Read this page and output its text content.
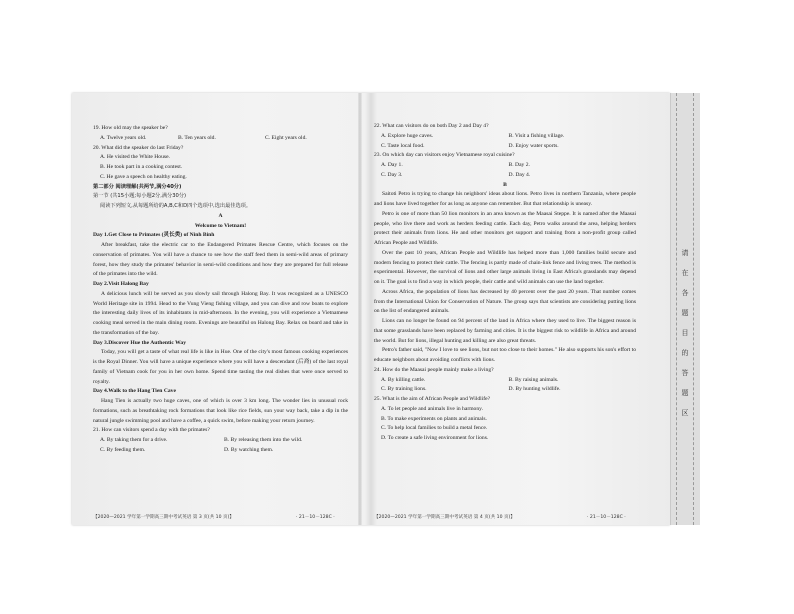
请
在
各
题
目
的
答
题
区
19. How old may the speaker be?
A. Twelve years old.	B. Ten years old.	C. Eight years old.
20. What did the speaker do last Friday?
A. He visited the White House.
B. He took part in a cooking contest.
C. He gave a speech on healthy eating.
第二部分 阅读理解(共两节,满分40分)
第一节 (共15小题;每小题2分,满分30分)
阅读下列短文,从每题所给的A,B,C和D四个选项中,选出最佳选项。
A
Welcome to Vietnam!
Day 1.Get Close to Primates (灵长类) of Ninh Binh
After breakfast, take the electric car to the Endangered Primates Rescue Centre, which focuses on the conservation of primates. You will have a chance to see how the staff feed them in semi-wild areas of primary forest, how they study the primates' behavior in semi-wild conditions and how they are prepared for full release of the primates into the wild.
Day 2.Visit Halong Bay
A delicious lunch will be served as you slowly sail through Halong Bay. It was recognized as a UNESCO World Heritage site in 1994. Head to the Vung Vieng fishing village, and you can dive and row boats to explore the interesting daily lives of its inhabitants in mid-afternoon. In the evening, you will experience a Vietnamese cooking meal served in the main dining room. Evenings are beautiful on Halong Bay. Relax on board and take in the transformation of the bay.
Day 3.Discover Hue the Authentic Way
Today, you will get a taste of what real life is like in Hue. One of the city's most famous cooking experiences is the Royal Dinner. You will have a unique experience where you will have a descendant (后裔) of the last royal family of Vietnam cook for you in her own home. Spend time tasting the real dishes that were once served to royalty.
Day 4.Walk to the Hang Tien Cave
Hang Tien is actually two huge caves, one of which is over 3 km long. The wonder lies in unusual rock formations, such as breathtaking rock formations that look like rice fields, sun your way back, take a dip in the natural jungle swimming pool and have a coffee, a quick swim, before making your return journey.
21. How can visitors spend a day with the primates?
A. By taking them for a drive.	B. By releasing them into the wild.
C. By feeding them.	D. By watching them.
22. What can visitors do on both Day 2 and Day 4?
A. Explore huge caves.	B. Visit a fishing village.
C. Taste local food.	D. Enjoy water sports.
23. On which day can visitors enjoy Vietnamese royal cuisine?
A. Day 1.	B. Day 2.
C. Day 3.	D. Day 4.
B
Saitoti Petro is trying to change his neighbors' ideas about lions. Petro lives in northern Tanzania, where people and lions have lived together for as long as anyone can remember. But that relationship is uneasy.
Petro is one of more than 50 lion monitors in an area known as the Maasai Steppe. It is named after the Maasai people, who live there and work as herders feeding cattle. Each day, Petro walks around the area, helping herders protect their animals from lions. He and other monitors get support and training from a non-profit group called African People and Wildlife.
Over the past 10 years, African People and Wildlife has helped more than 1,000 families build secure and modern fencing to protect their cattle. The fencing is partly made of chain-link fence and living trees. The method is experimental. However, the survival of lions and other large animals living in East Africa's grasslands may depend on it. The goal is to find a way in which people, their cattle and wild animals can use the land together.
Across Africa, the population of lions has decreased by 40 percent over the past 20 years. That number comes from the International Union for Conservation of Nature. The group says that scientists are considering putting lions on the list of endangered animals.
Lions can no longer be found on 94 percent of the land in Africa where they used to live. The biggest reason is that some grasslands have been replaced by farming and cities. It is the biggest risk to wildlife in Africa and around the world. But for lions, illegal hunting and killing are also great threats.
Petro's father said, "Now I love to see lions, but not too close to their homes." He also supports his son's effort to educate neighbors about avoiding conflicts with lions.
24. How do the Maasai people mainly make a living?
A. By killing cattle.	B. By raising animals.
C. By training lions.	D. By hunting wildlife.
25. What is the aim of African People and Wildlife?
A. To let people and animals live in harmony.
B. To make experiments on plants and animals.
C. To help local families to build a metal fence.
D. To create a safe living environment for lions.
【2020—2021 学年第一学期高三期中考试英语 第 3 页(共 10 页)】	· 21－10－128C ·	【2020—2021 学年第一学期高三期中考试英语 第 4 页(共 10 页)】	· 21－10－128C ·
